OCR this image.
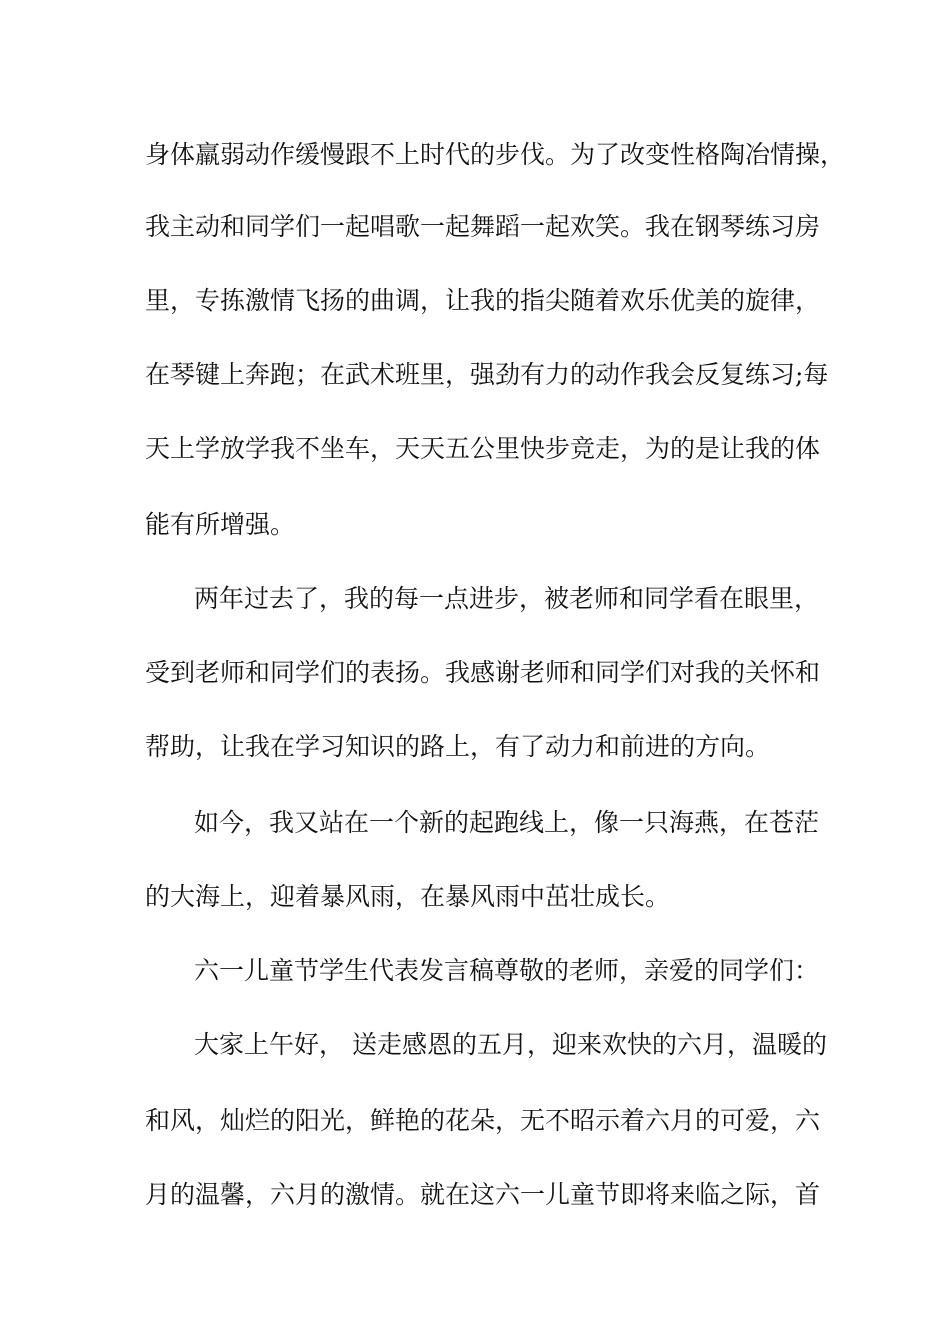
身体羸弱动作缓慢跟不上时代的步伐。为了改变性格陶冶情操，
我主动和同学们一起唱歌一起舞蹈一起欢笑。我在钢琴练习房
里，专拣激情飞扬的曲调，让我的指尖随着欢乐优美的旋律，
在琴键上奔跑；在武术班里，强劲有力的动作我会反复练习;每
天上学放学我不坐车，天天五公里快步竞走，为的是让我的体
能有所增强。
两年过去了，我的每一点进步，被老师和同学看在眼里，
受到老师和同学们的表扬。我感谢老师和同学们对我的关怀和
帮助，让我在学习知识的路上，有了动力和前进的方向。
如今，我又站在一个新的起跑线上，像一只海燕，在苍茫
的大海上，迎着暴风雨，在暴风雨中茁壮成长。
六一儿童节学生代表发言稿尊敬的老师，亲爱的同学们：
大家上午好， 送走感恩的五月，迎来欢快的六月，温暖的
和风，灿烂的阳光，鲜艳的花朵，无不昭示着六月的可爱，六
月的温馨，六月的激情。就在这六一儿童节即将来临之际，首
